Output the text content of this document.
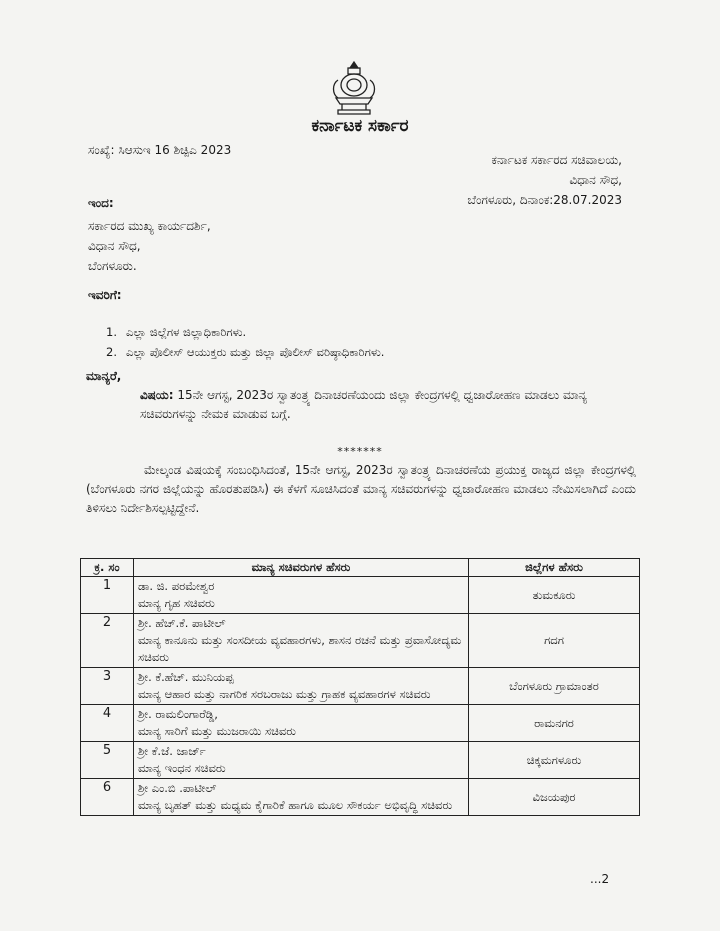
ಕರ್ನಾಟಕ ಸರ್ಕಾರ
ಸಂಖ್ಯೆ: ಸಿಆಸುಇ 16 ಶಿಚ್ಪಿಎ 2023
ಕರ್ನಾಟಕ ಸರ್ಕಾರದ ಸಚಿವಾಲಯ,
ವಿಧಾನ ಸೌಧ,
ಬೆಂಗಳೂರು, ದಿನಾಂಕ:28.07.2023
ಇಂದ:
ಸರ್ಕಾರದ ಮುಖ್ಯ ಕಾರ್ಯದರ್ಶಿ,
ವಿಧಾನ ಸೌಧ,
ಬೆಂಗಳೂರು.
ಇವರಿಗೆ:
1. ಎಲ್ಲಾ ಜಿಲ್ಲೆಗಳ ಜಿಲ್ಲಾಧಿಕಾರಿಗಳು.
2. ಎಲ್ಲಾ ಪೊಲೀಸ್ ಆಯುಕ್ತರು ಮತ್ತು ಜಿಲ್ಲಾ ಪೊಲೀಸ್ ವರಿಷ್ಠಾಧಿಕಾರಿಗಳು.
ಮಾನ್ಯರೆ,
ವಿಷಯ: 15ನೇ ಆಗಸ್ಟ, 2023ರ ಸ್ವಾತಂತ್ರ್ಯ ದಿನಾಚರಣೆಯಂದು ಜಿಲ್ಲಾ ಕೇಂದ್ರಗಳಲ್ಲಿ ಧ್ವಜಾರೋಹಣ ಮಾಡಲು ಮಾನ್ಯ ಸಚಿವರುಗಳನ್ನು ನೇಮಕ ಮಾಡುವ ಬಗ್ಗೆ.
*******
ಮೇಲ್ಕಂಡ ವಿಷಯಕ್ಕೆ ಸಂಬಂಧಿಸಿದಂತೆ, 15ನೇ ಆಗಸ್ಟ, 2023ರ ಸ್ವಾತಂತ್ರ್ಯ ದಿನಾಚರಣೆಯ ಪ್ರಯುಕ್ತ ರಾಜ್ಯದ ಜಿಲ್ಲಾ ಕೇಂದ್ರಗಳಲ್ಲಿ (ಬೆಂಗಳೂರು ನಗರ ಜಿಲ್ಲೆಯನ್ನು ಹೊರತುಪಡಿಸಿ) ಈ ಕೆಳಗೆ ಸೂಚಿಸಿದಂತೆ ಮಾನ್ಯ ಸಚಿವರುಗಳನ್ನು ಧ್ವಜಾರೋಹಣ ಮಾಡಲು ನೇಮಿಸಲಾಗಿದೆ ಎಂದು ತಿಳಿಸಲು ನಿರ್ದೇಶಿಸಲ್ಪಟ್ಟಿದ್ದೇನೆ.
ಕ್ರ. ಸಂ	ಮಾನ್ಯ ಸಚಿವರುಗಳ ಹೆಸರು	ಜಿಲ್ಲೆಗಳ ಹೆಸರು
1	ಡಾ. ಜಿ. ಪರಮೇಶ್ವರ
ಮಾನ್ಯ ಗೃಹ ಸಚಿವರು	ತುಮಕೂರು
2	ಶ್ರೀ. ಹೆಚ್.ಕೆ. ಪಾಟೀಲ್
ಮಾನ್ಯ ಕಾನೂನು ಮತ್ತು ಸಂಸದೀಯ ವ್ಯವಹಾರಗಳು, ಶಾಸನ ರಚನೆ ಮತ್ತು ಪ್ರವಾಸೋದ್ಯಮ ಸಚಿವರು	ಗದಗ
3	ಶ್ರೀ. ಕೆ.ಹೆಚ್. ಮುನಿಯಪ್ಪ
ಮಾನ್ಯ ಆಹಾರ ಮತ್ತು ನಾಗರಿಕ ಸರಬರಾಜು ಮತ್ತು ಗ್ರಾಹಕ ವ್ಯವಹಾರಗಳ ಸಚಿವರು	ಬೆಂಗಳೂರು ಗ್ರಾಮಾಂತರ
4	ಶ್ರೀ. ರಾಮಲಿಂಗಾರೆಡ್ಡಿ,
ಮಾನ್ಯ ಸಾರಿಗೆ ಮತ್ತು ಮುಜರಾಯಿ ಸಚಿವರು	ರಾಮನಗರ
5	ಶ್ರೀ ಕೆ.ಜೆ. ಜಾರ್ಜ್
ಮಾನ್ಯ ಇಂಧನ ಸಚಿವರು	ಚಿಕ್ಕಮಗಳೂರು
6	ಶ್ರೀ ಎಂ.ಬಿ .ಪಾಟೀಲ್
ಮಾನ್ಯ ಬೃಹತ್ ಮತ್ತು ಮಧ್ಯಮ ಕೈಗಾರಿಕೆ ಹಾಗೂ ಮೂಲ ಸೌಕರ್ಯ ಅಭಿವೃದ್ಧಿ ಸಚಿವರು	ವಿಜಯಪುರ
...2
